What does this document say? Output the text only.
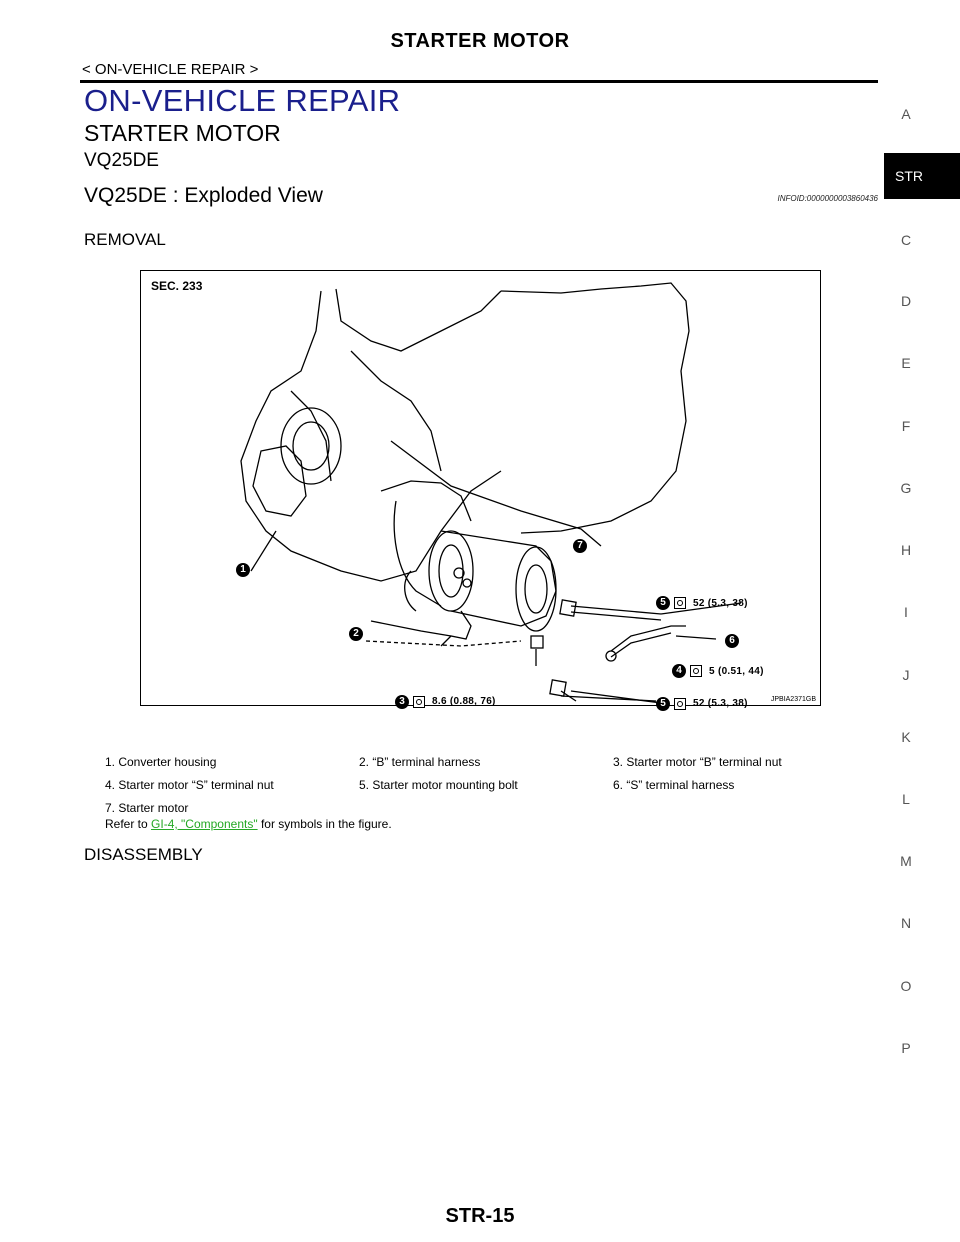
STARTER MOTOR
< ON-VEHICLE REPAIR >
ON-VEHICLE REPAIR
STARTER MOTOR
VQ25DE
VQ25DE : Exploded View	INFOID:0000000003860436
REMOVAL
SEC. 233
JPBIA2371GB
1
2
3
4
5
6
7
5
52 (5.3, 38)
5 (0.51, 44)
8.6 (0.88, 76)	52 (5.3, 38)
1. Converter housing	2. “B” terminal harness	3. Starter motor “B” terminal nut
4. Starter motor “S” terminal nut	5. Starter motor mounting bolt	6. “S” terminal harness
7. Starter motor
Refer to GI-4, "Components" for symbols in the figure.
DISASSEMBLY
STR-15
A
STR
C
D
E
F
G
H
I
J
K
L
M
N
O
P
